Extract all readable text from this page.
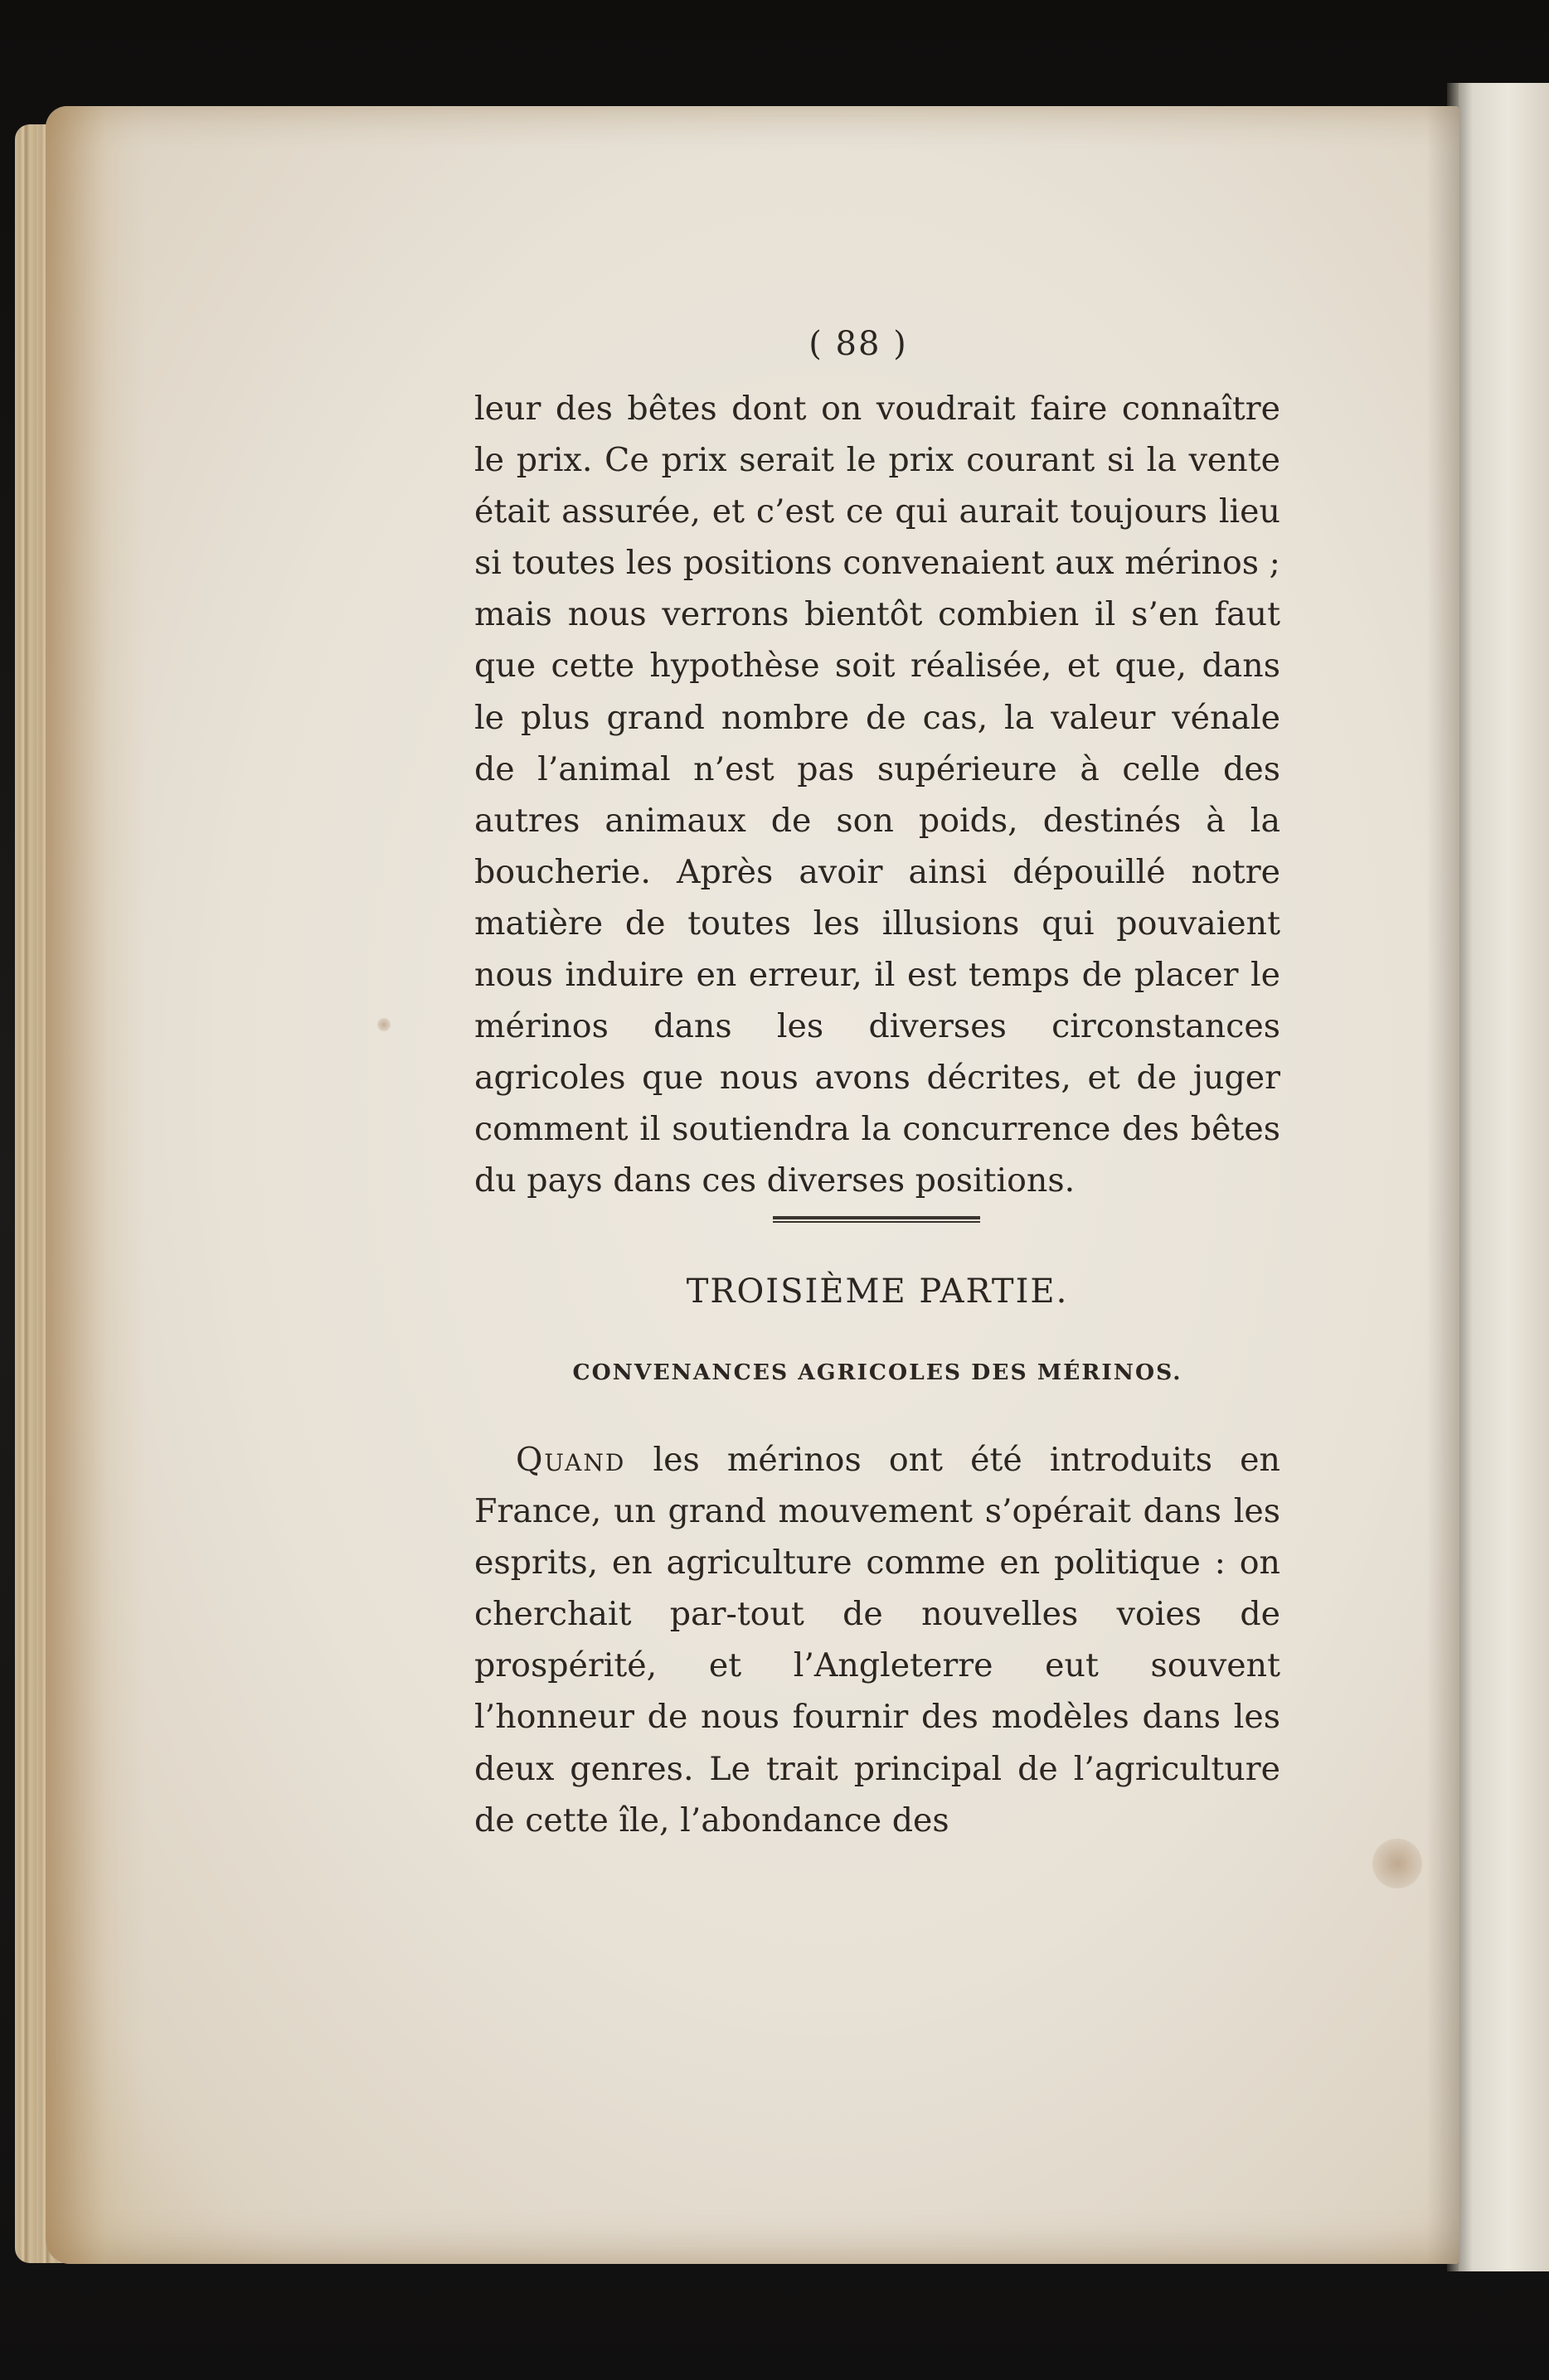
( 88 )
leur des bêtes dont on voudrait faire connaître le prix. Ce prix serait le prix courant si la vente était assurée, et c’est ce qui aurait toujours lieu si toutes les positions convenaient aux mérinos ; mais nous verrons bientôt combien il s’en faut que cette hypothèse soit réalisée, et que, dans le plus grand nombre de cas, la valeur vénale de l’animal n’est pas supérieure à celle des autres animaux de son poids, destinés à la boucherie. Après avoir ainsi dépouillé notre matière de toutes les illusions qui pouvaient nous induire en erreur, il est temps de placer le mérinos dans les diverses circonstances agricoles que nous avons décrites, et de juger comment il soutiendra la concurrence des bêtes du pays dans ces diverses positions.
TROISIÈME PARTIE.
CONVENANCES AGRICOLES DES MÉRINOS.
Quand les mérinos ont été introduits en France, un grand mouvement s’opérait dans les esprits, en agriculture comme en politique : on cherchait par-tout de nouvelles voies de prospérité, et l’Angleterre eut souvent l’honneur de nous fournir des modèles dans les deux genres. Le trait principal de l’agriculture de cette île, l’abondance des
